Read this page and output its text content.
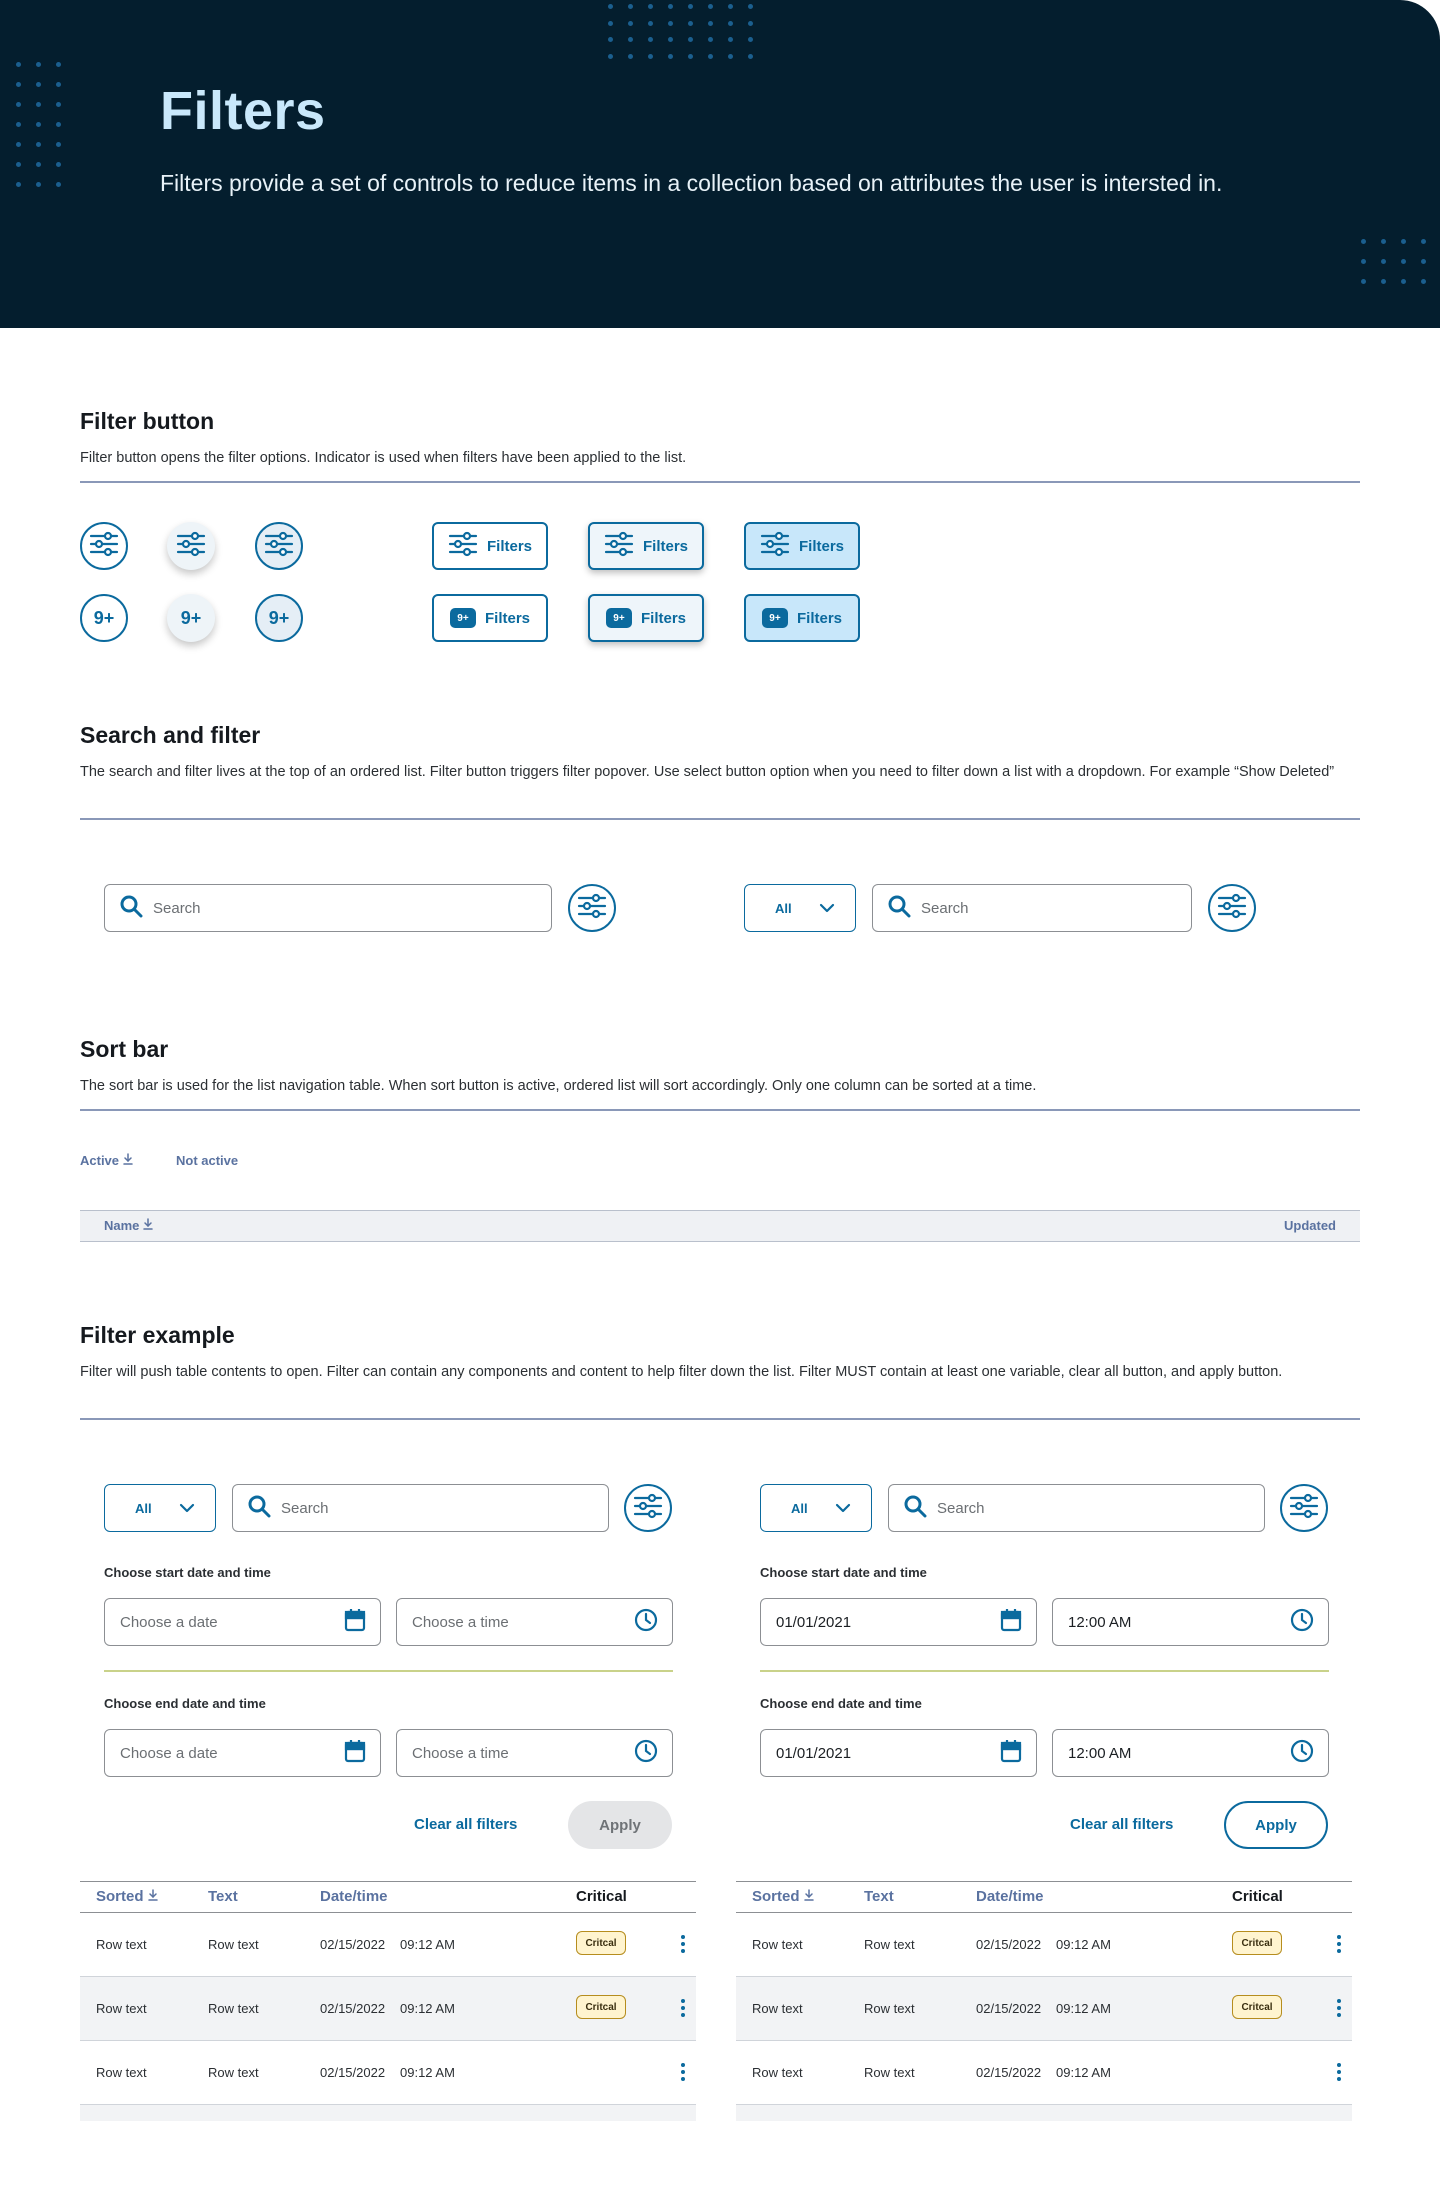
Filters

Filters provide a set of controls to reduce items in a collection based on attributes the user is intersted in.

Filter button
Filter button opens the filter options. Indicator is used when filters have been applied to the list.
9+	9+	9+
Filters	Filters	Filters
9+	Filters	9+	Filters	9+	Filters
Search and filter
The search and filter lives at the top of an ordered list. Filter button triggers filter popover. Use select button option when you need to filter down a list with a dropdown. For example “Show Deleted”
Search	All	Search
Sort bar
The sort bar is used for the list navigation table. When sort button is active, ordered list will sort accordingly. Only one column can be sorted at a time.
Active	Not active
Name	Updated
Filter example
Filter will push table contents to open. Filter can contain any components and content to help filter down the list. Filter MUST contain at least one variable, clear all button, and apply button.
All	Search
Choose start date and time
Choose a date	Choose a time
Choose end date and time
Choose a date	Choose a time
Clear all filters	Apply
Sorted	Text	Date/time	Critical
Row text	Row text	02/15/2022 09:12 AM	Critcal
Row text	Row text	02/15/2022 09:12 AM	Critcal
Row text	Row text	02/15/2022 09:12 AM
All	Search
Choose start date and time
01/01/2021	12:00 AM
Choose end date and time
01/01/2021	12:00 AM
Clear all filters	Apply
Sorted	Text	Date/time	Critical
Row text	Row text	02/15/2022 09:12 AM	Critcal
Row text	Row text	02/15/2022 09:12 AM	Critcal
Row text	Row text	02/15/2022 09:12 AM
